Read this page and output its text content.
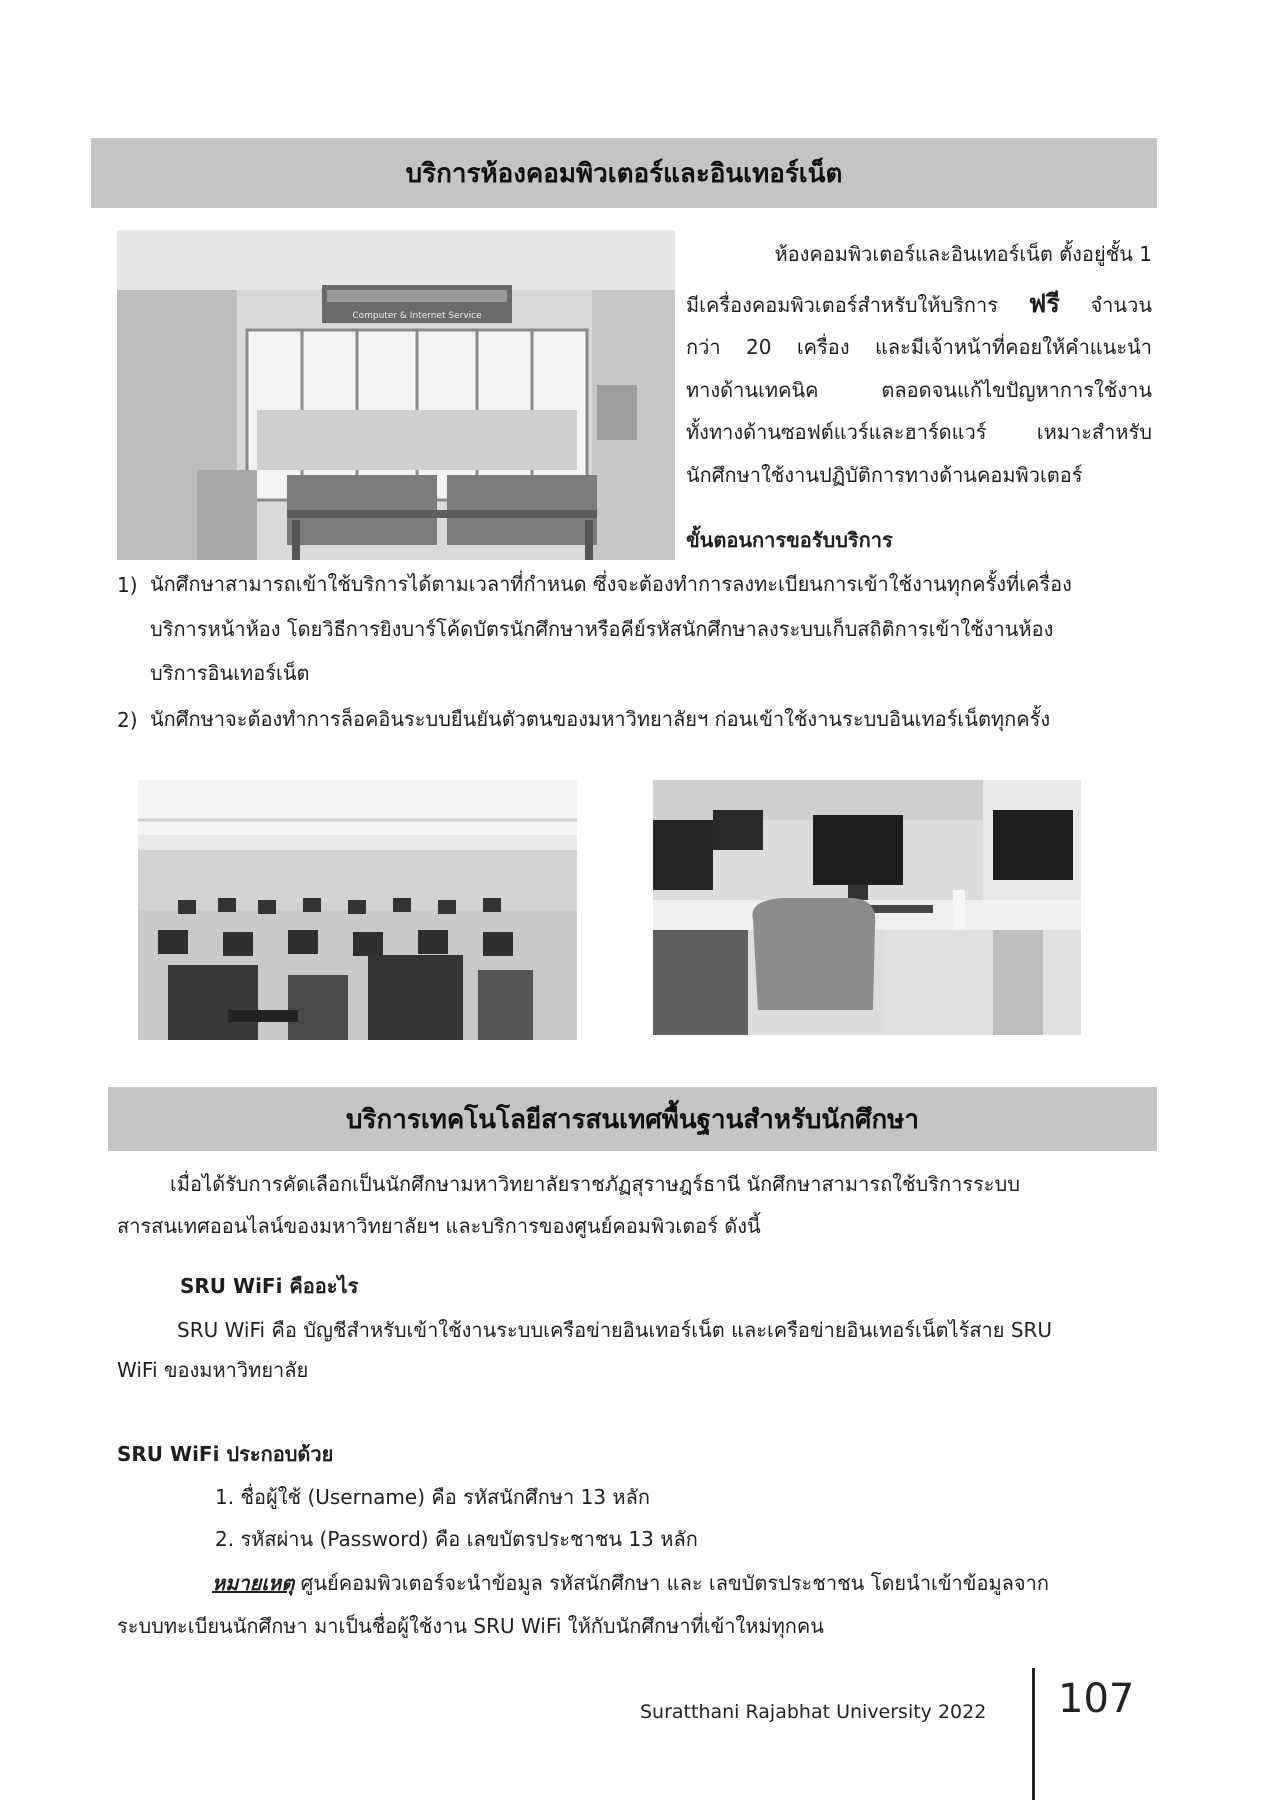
บริการห้องคอมพิวเตอร์และอินเทอร์เน็ต
Computer & Internet Service
ห้องคอมพิวเตอร์และอินเทอร์เน็ต ตั้งอยู่ชั้น 1
มีเครื่องคอมพิวเตอร์สำหรับให้บริการ ฟรี จำนวน
กว่า 20 เครื่อง และมีเจ้าหน้าที่คอยให้คำแนะนำ
ทางด้านเทคนิค ตลอดจนแก้ไขปัญหาการใช้งาน
ทั้งทางด้านซอฟต์แวร์และฮาร์ดแวร์ เหมาะสำหรับ
นักศึกษาใช้งานปฏิบัติการทางด้านคอมพิวเตอร์
ขั้นตอนการขอรับบริการ
1) นักศึกษาสามารถเข้าใช้บริการได้ตามเวลาที่กำหนด ซึ่งจะต้องทำการลงทะเบียนการเข้าใช้งานทุกครั้งที่เครื่อง
บริการหน้าห้อง โดยวิธีการยิงบาร์โค้ดบัตรนักศึกษาหรือคีย์รหัสนักศึกษาลงระบบเก็บสถิติการเข้าใช้งานห้อง
บริการอินเทอร์เน็ต
2) นักศึกษาจะต้องทำการล็อคอินระบบยืนยันตัวตนของมหาวิทยาลัยฯ ก่อนเข้าใช้งานระบบอินเทอร์เน็ตทุกครั้ง
บริการเทคโนโลยีสารสนเทศพื้นฐานสำหรับนักศึกษา
เมื่อได้รับการคัดเลือกเป็นนักศึกษามหาวิทยาลัยราชภัฏสุราษฎร์ธานี นักศึกษาสามารถใช้บริการระบบ
สารสนเทศออนไลน์ของมหาวิทยาลัยฯ และบริการของศูนย์คอมพิวเตอร์ ดังนี้
SRU WiFi คืออะไร
SRU WiFi คือ บัญชีสำหรับเข้าใช้งานระบบเครือข่ายอินเทอร์เน็ต และเครือข่ายอินเทอร์เน็ตไร้สาย SRU
WiFi ของมหาวิทยาลัย
SRU WiFi ประกอบด้วย
1. ชื่อผู้ใช้ (Username) คือ รหัสนักศึกษา 13 หลัก
2. รหัสผ่าน (Password) คือ เลขบัตรประชาชน 13 หลัก
หมายเหตุ ศูนย์คอมพิวเตอร์จะนำข้อมูล รหัสนักศึกษา และ เลขบัตรประชาชน โดยนำเข้าข้อมูลจาก
ระบบทะเบียนนักศึกษา มาเป็นชื่อผู้ใช้งาน SRU WiFi ให้กับนักศึกษาที่เข้าใหม่ทุกคน
Suratthani Rajabhat University 2022 107
